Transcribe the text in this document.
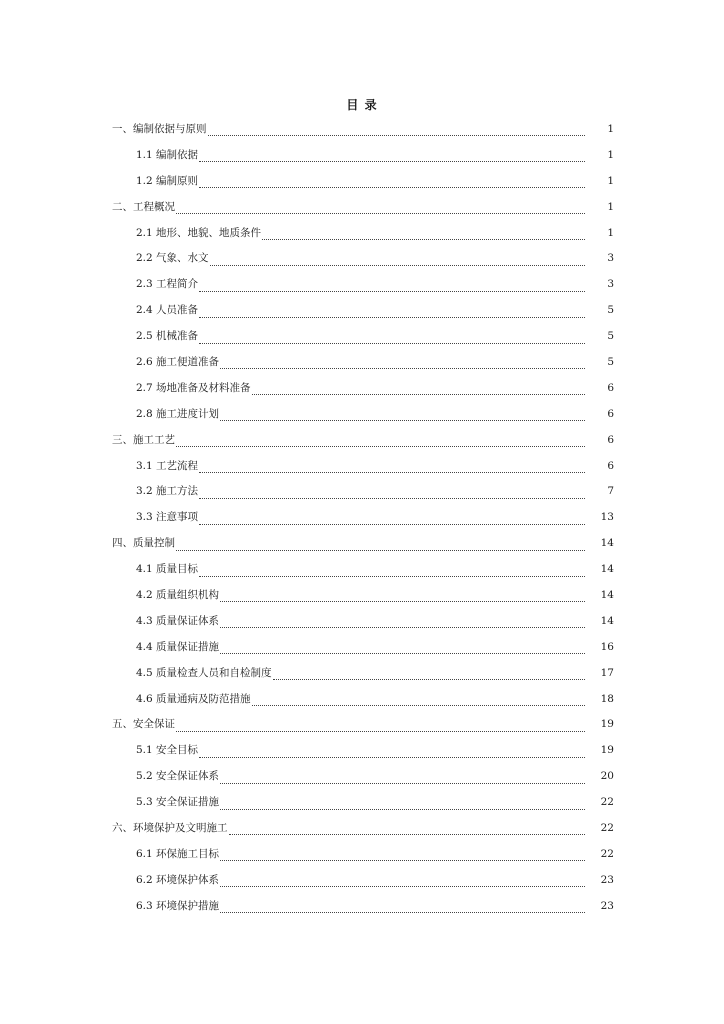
目 录
一、编制依据与原则	1
1.1 编制依据	1
1.2 编制原则	1
二、工程概况	1
2.1 地形、地貌、地质条件	1
2.2 气象、水文	3
2.3 工程简介	3
2.4 人员准备	5
2.5 机械准备	5
2.6 施工便道准备	5
2.7 场地准备及材料准备	6
2.8 施工进度计划	6
三、施工工艺	6
3.1 工艺流程	6
3.2 施工方法	7
3.3 注意事项	13
四、质量控制	14
4.1 质量目标	14
4.2 质量组织机构	14
4.3 质量保证体系	14
4.4 质量保证措施	16
4.5 质量检查人员和自检制度	17
4.6 质量通病及防范措施	18
五、安全保证	19
5.1 安全目标	19
5.2 安全保证体系	20
5.3 安全保证措施	22
六、环境保护及文明施工	22
6.1 环保施工目标	22
6.2 环境保护体系	23
6.3 环境保护措施	23
